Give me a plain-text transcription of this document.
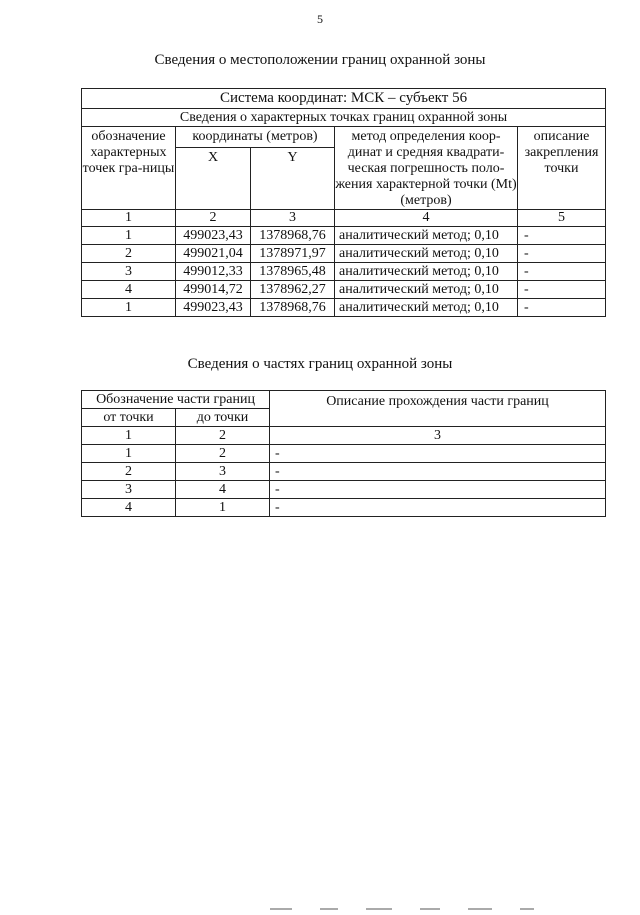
5
Сведения о местоположении границ охранной зоны
Система координат: МСК – субъект 56				
Сведения о характерных точках границ охранной зоны				
обозначение характерных точек гра-ницы	координаты (метров)		метод определения коор-динат и средняя квадрати-ческая погрешность поло-жения характерной точки (Mt) (метров)	описание закрепления точки
	X	Y		
1	2	3	4	5
1	499023,43	1378968,76	аналитический метод; 0,10	-
2	499021,04	1378971,97	аналитический метод; 0,10	-
3	499012,33	1378965,48	аналитический метод; 0,10	-
4	499014,72	1378962,27	аналитический метод; 0,10	-
1	499023,43	1378968,76	аналитический метод; 0,10	-
Сведения о частях границ охранной зоны
Обозначение части границ		Описание прохождения части границ
от точки	до точки	
1	2	3
1	2	-
2	3	-
3	4	-
4	1	-
